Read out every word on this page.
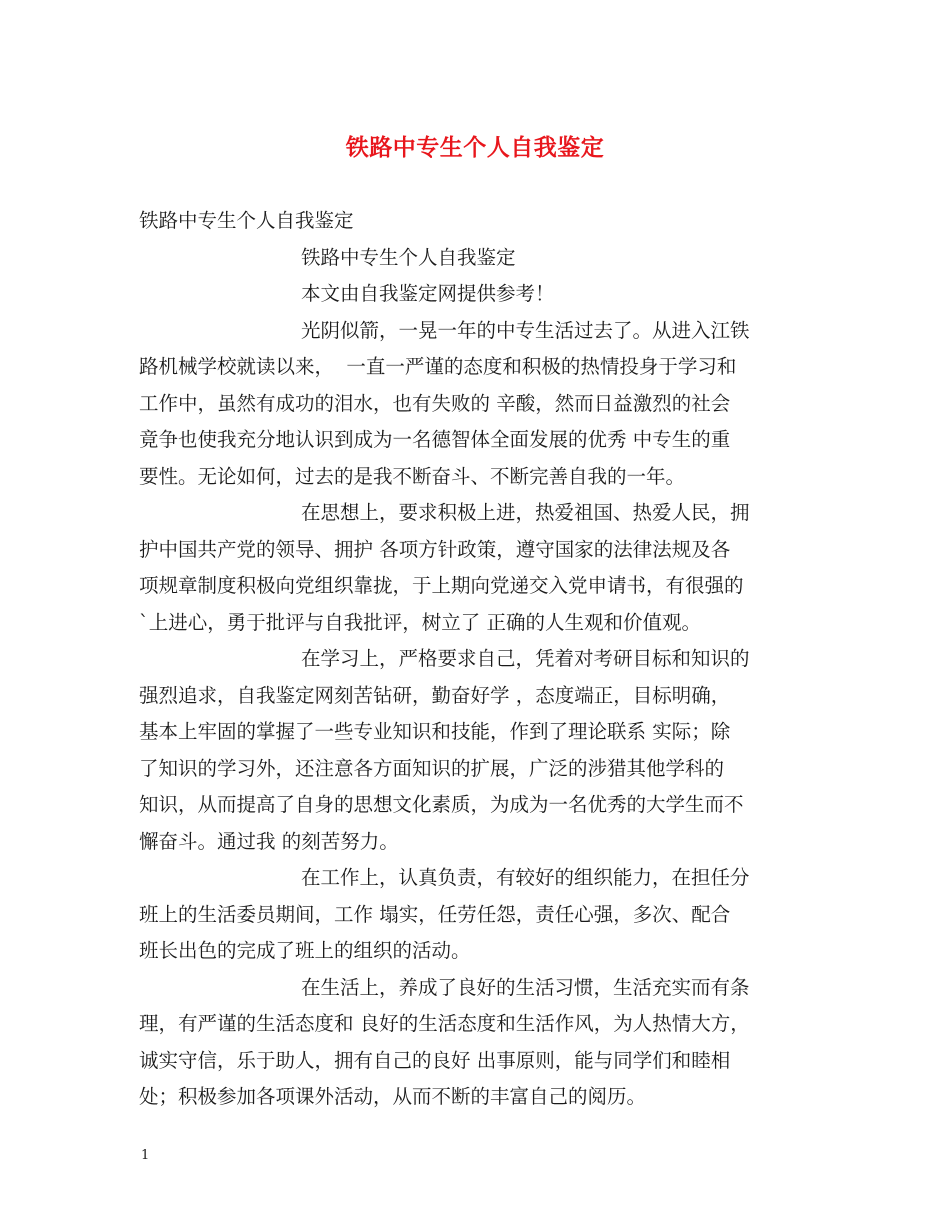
铁路中专生个人自我鉴定
铁路中专生个人自我鉴定
铁路中专生个人自我鉴定
本文由自我鉴定网提供参考！
光阴似箭，一晃一年的中专生活过去了。从进入江铁
路机械学校就读以来，  一直一严谨的态度和积极的热情投身于学习和
工作中，虽然有成功的泪水，也有失败的 辛酸，然而日益激烈的社会
竟争也使我充分地认识到成为一名德智体全面发展的优秀 中专生的重
要性。无论如何，过去的是我不断奋斗、不断完善自我的一年。
在思想上，要求积极上进，热爱祖国、热爱人民，拥
护中国共产党的领导、拥护 各项方针政策，遵守国家的法律法规及各
项规章制度积极向党组织靠拢，于上期向党递交入党申请书，有很强的
`上进心，勇于批评与自我批评，树立了 正确的人生观和价值观。
在学习上，严格要求自己，凭着对考研目标和知识的
强烈追求，自我鉴定网刻苦钻研，勤奋好学 ，态度端正，目标明确，
基本上牢固的掌握了一些专业知识和技能，作到了理论联系 实际；除
了知识的学习外，还注意各方面知识的扩展，广泛的涉猎其他学科的
知识，从而提高了自身的思想文化素质，为成为一名优秀的大学生而不
懈奋斗。通过我 的刻苦努力。
在工作上，认真负责，有较好的组织能力，在担任分
班上的生活委员期间，工作 塌实，任劳任怨，责任心强，多次、配合
班长出色的完成了班上的组织的活动。
在生活上，养成了良好的生活习惯，生活充实而有条
理，有严谨的生活态度和 良好的生活态度和生活作风，为人热情大方，
诚实守信，乐于助人，拥有自己的良好 出事原则，能与同学们和睦相
处；积极参加各项课外活动，从而不断的丰富自己的阅历。
1
